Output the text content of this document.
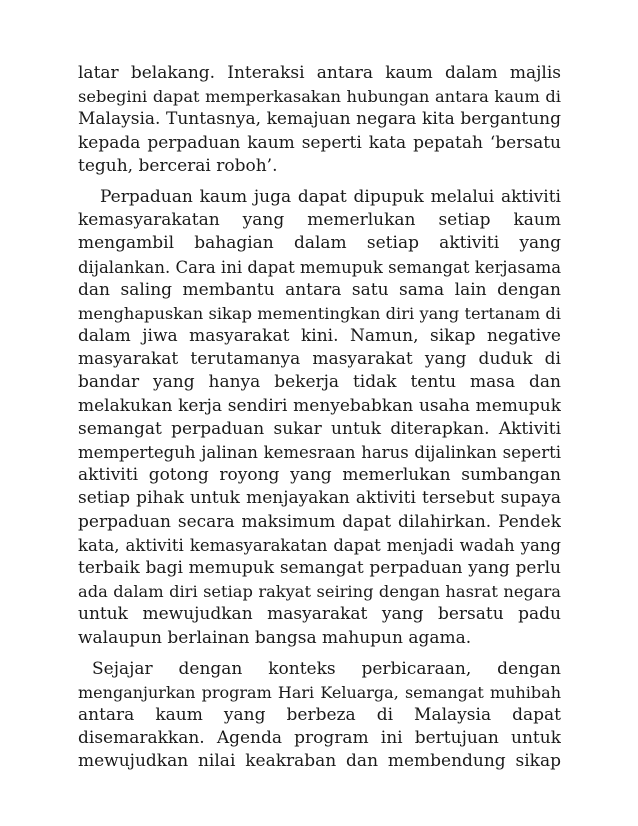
latar belakang. Interaksi antara kaum dalam majlis
sebegini dapat memperkasakan hubungan antara kaum di
Malaysia. Tuntasnya, kemajuan negara kita bergantung
kepada perpaduan kaum seperti kata pepatah ‘bersatu
teguh, bercerai roboh’.

Perpaduan kaum juga dapat dipupuk melalui aktiviti
kemasyarakatan yang memerlukan setiap kaum
mengambil bahagian dalam setiap aktiviti yang
dijalankan. Cara ini dapat memupuk semangat kerjasama
dan saling membantu antara satu sama lain dengan
menghapuskan sikap mementingkan diri yang tertanam di
dalam jiwa masyarakat kini. Namun, sikap negative
masyarakat terutamanya masyarakat yang duduk di
bandar yang hanya bekerja tidak tentu masa dan
melakukan kerja sendiri menyebabkan usaha memupuk
semangat perpaduan sukar untuk diterapkan. Aktiviti
memperteguh jalinan kemesraan harus dijalinkan seperti
aktiviti gotong royong yang memerlukan sumbangan
setiap pihak untuk menjayakan aktiviti tersebut supaya
perpaduan secara maksimum dapat dilahirkan. Pendek
kata, aktiviti kemasyarakatan dapat menjadi wadah yang
terbaik bagi memupuk semangat perpaduan yang perlu
ada dalam diri setiap rakyat seiring dengan hasrat negara
untuk mewujudkan masyarakat yang bersatu padu
walaupun berlainan bangsa mahupun agama.

Sejajar dengan konteks perbicaraan, dengan
menganjurkan program Hari Keluarga, semangat muhibah
antara kaum yang berbeza di Malaysia dapat
disemarakkan. Agenda program ini bertujuan untuk
mewujudkan nilai keakraban dan membendung sikap
